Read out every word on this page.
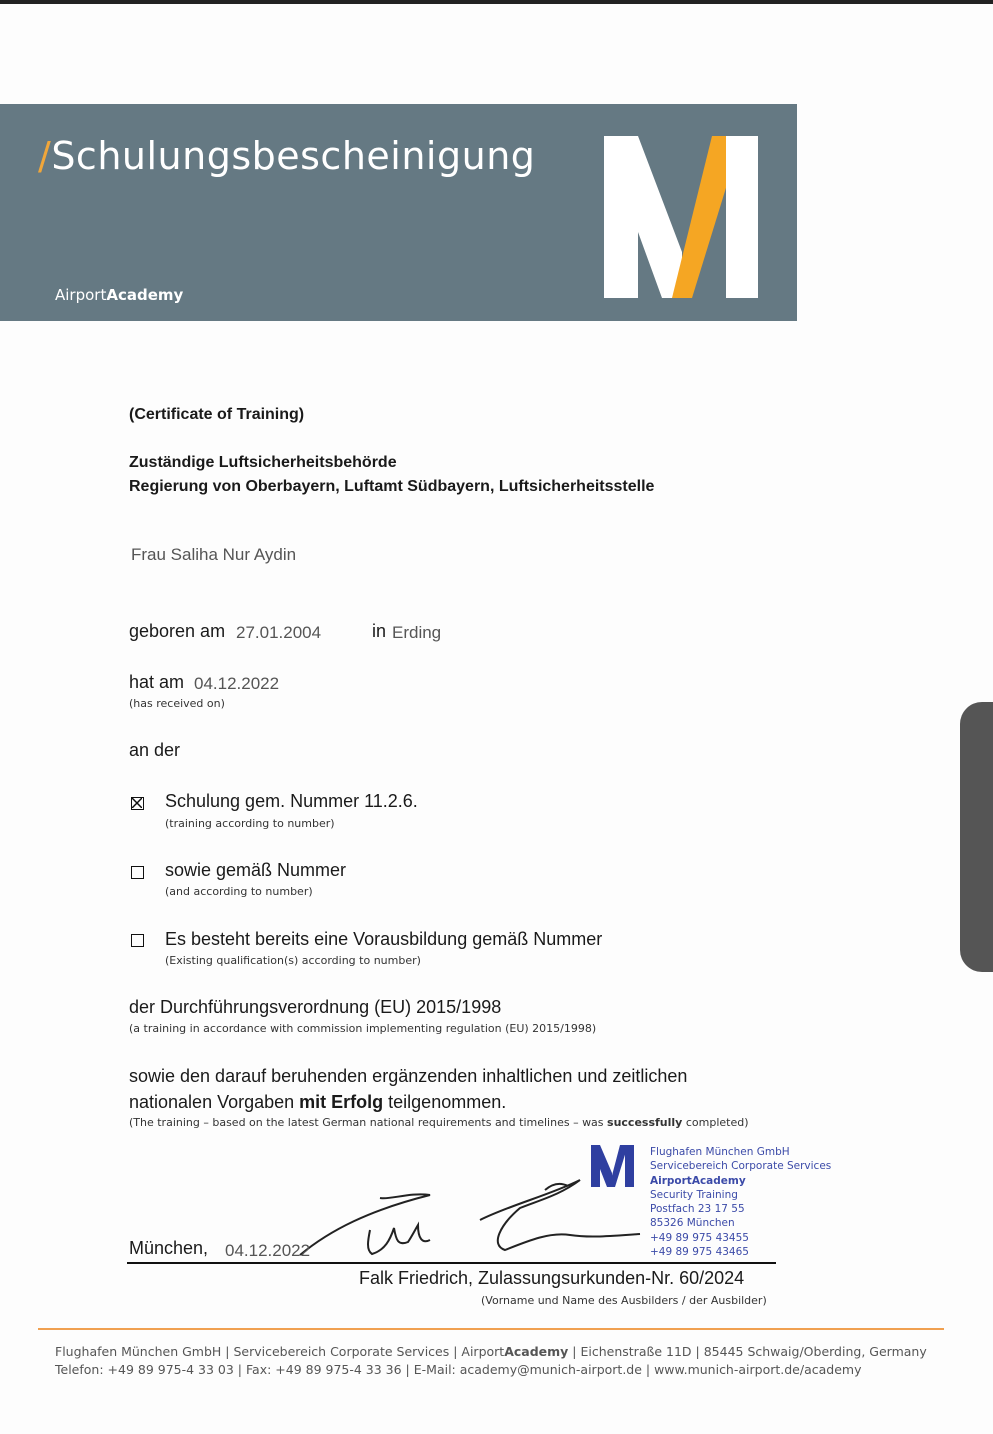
/Schulungsbescheinigung
AirportAcademy
(Certificate of Training)
Zuständige Luftsicherheitsbehörde
Regierung von Oberbayern, Luftamt Südbayern, Luftsicherheitsstelle
Frau Saliha Nur Aydin
geboren am 27.01.2004	in Erding
hat am 04.12.2022
(has received on)
an der
Schulung gem. Nummer 11.2.6.
(training according to number)
sowie gemäß Nummer
(and according to number)
Es besteht bereits eine Vorausbildung gemäß Nummer
(Existing qualification(s) according to number)
der Durchführungsverordnung (EU) 2015/1998
(a training in accordance with commission implementing regulation (EU) 2015/1998)
sowie den darauf beruhenden ergänzenden inhaltlichen und zeitlichen
nationalen Vorgaben mit Erfolg teilgenommen.
(The training – based on the latest German national requirements and timelines – was successfully completed)
Flughafen München GmbH
Servicebereich Corporate Services
AirportAcademy
Security Training
Postfach 23 17 55
85326 München
+49 89 975 43455
+49 89 975 43465
München, 04.12.2022
Falk Friedrich, Zulassungsurkunden-Nr. 60/2024
(Vorname und Name des Ausbilders / der Ausbilder)
Flughafen München GmbH | Servicebereich Corporate Services | AirportAcademy | Eichenstraße 11D | 85445 Schwaig/Oberding, Germany
Telefon: +49 89 975-4 33 03 | Fax: +49 89 975-4 33 36 | E-Mail: academy@munich-airport.de | www.munich-airport.de/academy
